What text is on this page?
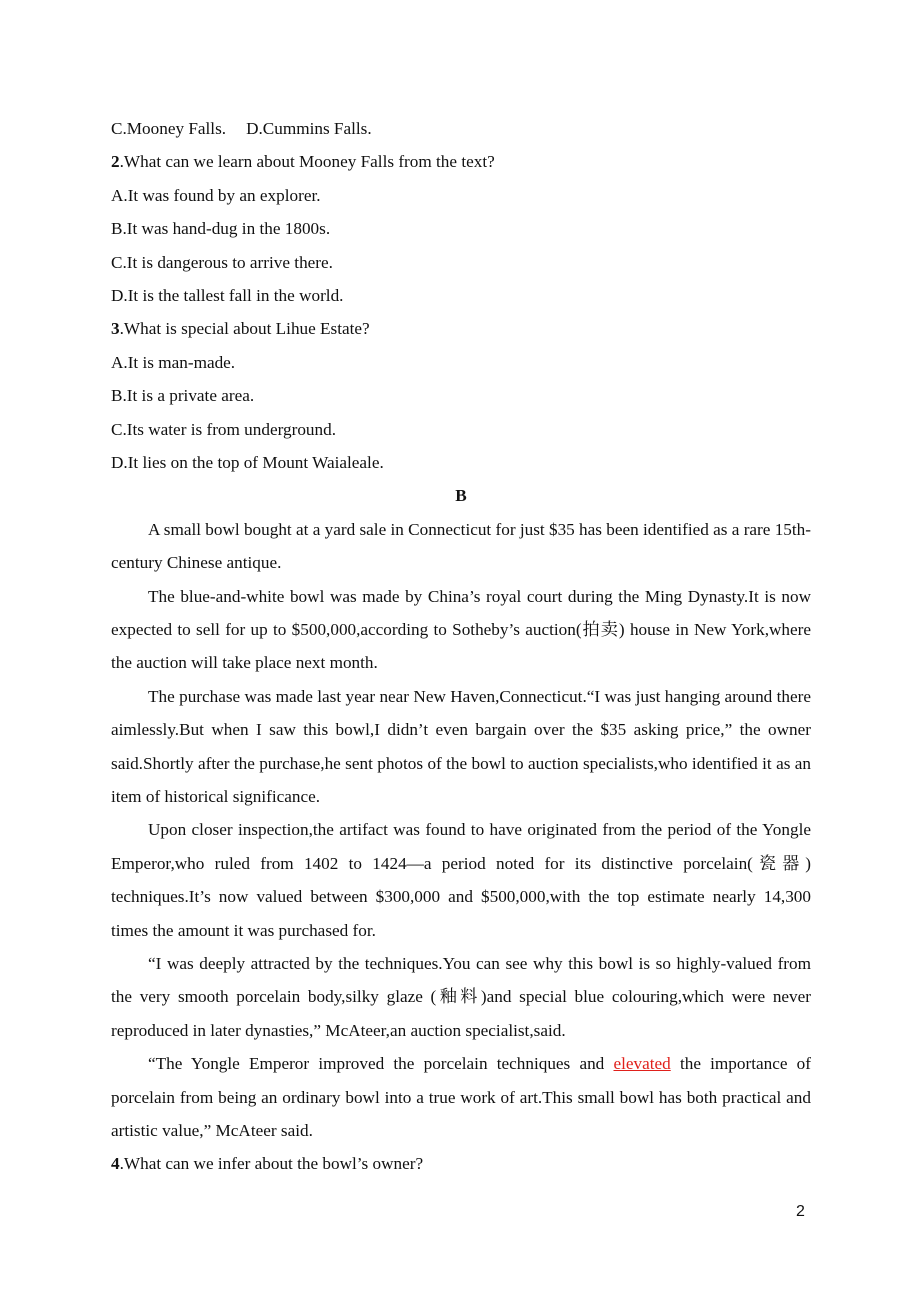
C.Mooney Falls. D.Cummins Falls.
2.What can we learn about Mooney Falls from the text?
A.It was found by an explorer.
B.It was hand-dug in the 1800s.
C.It is dangerous to arrive there.
D.It is the tallest fall in the world.
3.What is special about Lihue Estate?
A.It is man-made.
B.It is a private area.
C.Its water is from underground.
D.It lies on the top of Mount Waialeale.
B

A small bowl bought at a yard sale in Connecticut for just $35 has been identified as a rare 15th-century Chinese antique.

The blue-and-white bowl was made by China’s royal court during the Ming Dynasty.It is now expected to sell for up to $500,000,according to Sotheby’s auction(拍卖) house in New York,where the auction will take place next month.

The purchase was made last year near New Haven,Connecticut.“I was just hanging around there aimlessly.But when I saw this bowl,I didn’t even bargain over the $35 asking price,” the owner said.Shortly after the purchase,he sent photos of the bowl to auction specialists,who identified it as an item of historical significance.

Upon closer inspection,the artifact was found to have originated from the period of the Yongle Emperor,who ruled from 1402 to 1424—a period noted for its distinctive porcelain(瓷器) techniques.It’s now valued between $300,000 and $500,000,with the top estimate nearly 14,300 times the amount it was purchased for.

“I was deeply attracted by the techniques.You can see why this bowl is so highly-valued from the very smooth porcelain body,silky glaze (釉料)and special blue colouring,which were never reproduced in later dynasties,” McAteer,an auction specialist,said.

“The Yongle Emperor improved the porcelain techniques and elevated the importance of porcelain from being an ordinary bowl into a true work of art.This small bowl has both practical and artistic value,” McAteer said.

4.What can we infer about the bowl’s owner?
2
